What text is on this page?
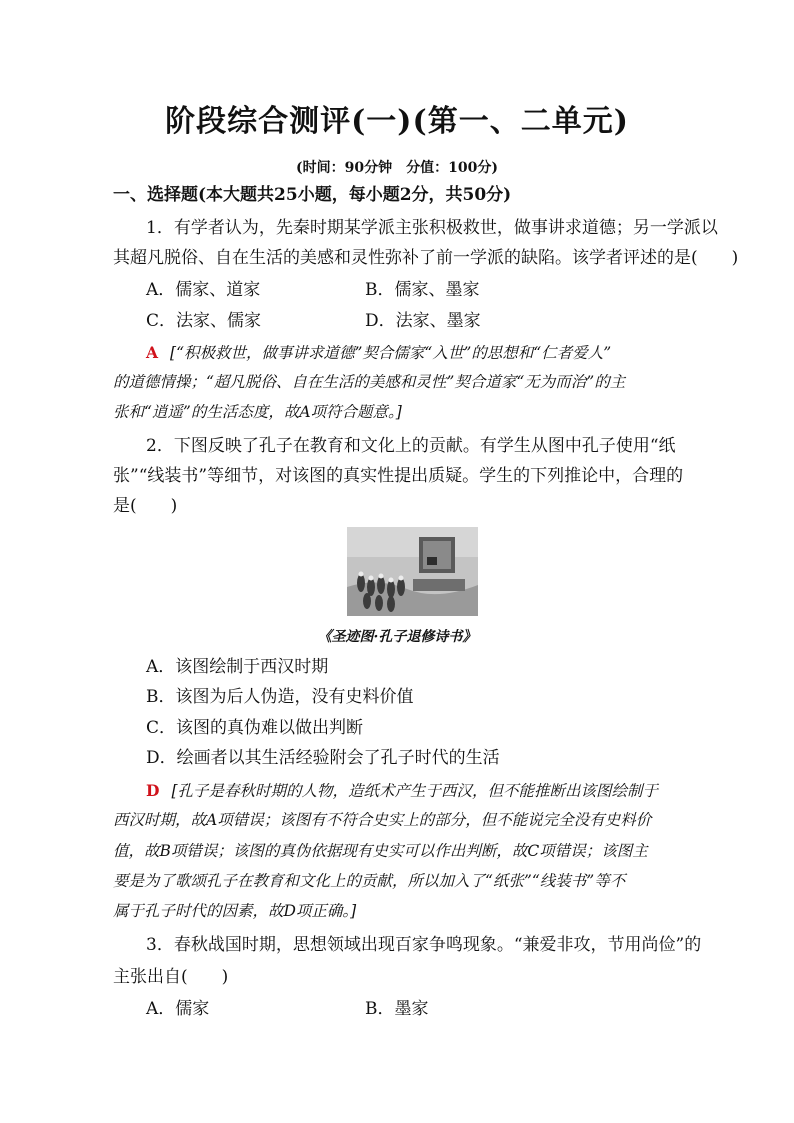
阶段综合测评(一)(第一、二单元)
(时间：90分钟　分值：100分)
一、选择题(本大题共25小题，每小题2分，共50分)
1．有学者认为，先秦时期某学派主张积极救世，做事讲求道德；另一学派以
其超凡脱俗、自在生活的美感和灵性弥补了前一学派的缺陷。该学者评述的是(　　)
A．儒家、道家	B．儒家、墨家
C．法家、儒家	D．法家、墨家
A [“积极救世，做事讲求道德”契合儒家“入世”的思想和“仁者爱人”
的道德情操；“超凡脱俗、自在生活的美感和灵性”契合道家“无为而治”的主
张和“逍遥”的生活态度，故A项符合题意。]
2．下图反映了孔子在教育和文化上的贡献。有学生从图中孔子使用“纸
张”“线装书”等细节，对该图的真实性提出质疑。学生的下列推论中，合理的
是(　　)
《圣迹图·孔子退修诗书》
A．该图绘制于西汉时期
B．该图为后人伪造，没有史料价值
C．该图的真伪难以做出判断
D．绘画者以其生活经验附会了孔子时代的生活
D [孔子是春秋时期的人物，造纸术产生于西汉，但不能推断出该图绘制于
西汉时期，故A项错误；该图有不符合史实上的部分，但不能说完全没有史料价
值，故B项错误；该图的真伪依据现有史实可以作出判断，故C项错误；该图主
要是为了歌颂孔子在教育和文化上的贡献，所以加入了“纸张”“线装书”等不
属于孔子时代的因素，故D项正确。]
3．春秋战国时期，思想领域出现百家争鸣现象。“兼爱非攻，节用尚俭”的
主张出自(　　)
A．儒家	B．墨家
